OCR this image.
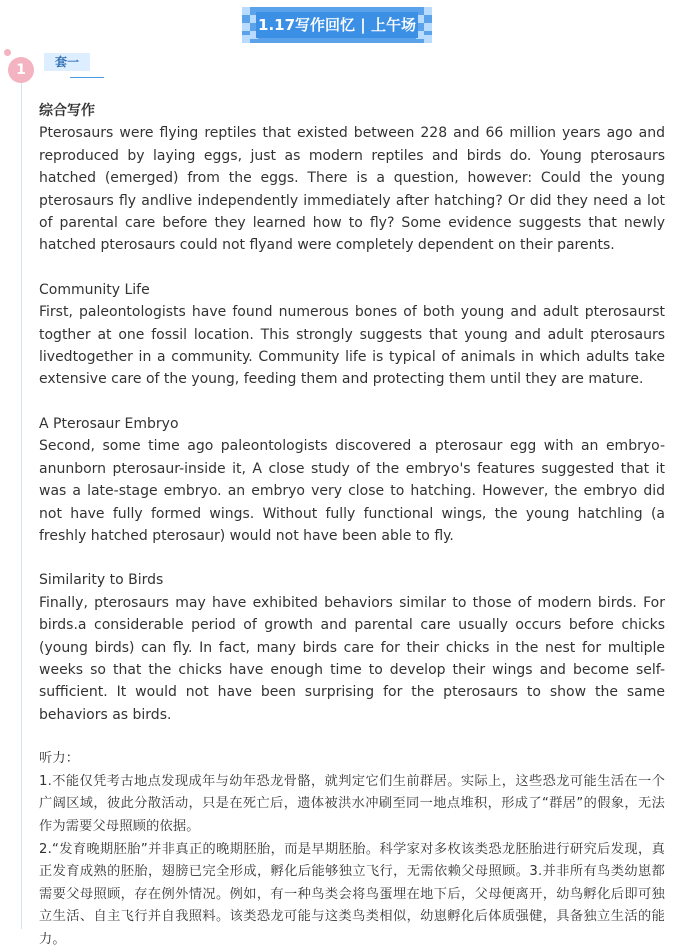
1.17写作回忆 | 上午场
1	套一

综合写作

Pterosaurs were flying reptiles that existed between 228 and 66 million years ago and reproduced by laying eggs, just as modern reptiles and birds do. Young pterosaurs hatched (emerged) from the eggs. There is a question, however: Could the young pterosaurs fly andlive independently immediately after hatching? Or did they need a lot of parental care before they learned how to fly? Some evidence suggests that newly hatched pterosaurs could not flyand were completely dependent on their parents.

Community Life

First, paleontologists have found numerous bones of both young and adult pterosaurst togther at one fossil location. This strongly suggests that young and adult pterosaurs livedtogether in a community. Community life is typical of animals in which adults take extensive care of the young, feeding them and protecting them until they are mature.

A Pterosaur Embryo

Second, some time ago paleontologists discovered a pterosaur egg with an embryo-anunborn pterosaur-inside it, A close study of the embryo's features suggested that it was a late-stage embryo. an embryo very close to hatching. However, the embryo did not have fully formed wings. Without fully functional wings, the young hatchling (a freshly hatched pterosaur) would not have been able to fly.

Similarity to Birds

Finally, pterosaurs may have exhibited behaviors similar to those of modern birds. For birds.a considerable period of growth and parental care usually occurs before chicks (young birds) can fly. In fact, many birds care for their chicks in the nest for multiple weeks so that the chicks have enough time to develop their wings and become self-sufficient. It would not have been surprising for the pterosaurs to show the same behaviors as birds.

听力：

1.不能仅凭考古地点发现成年与幼年恐龙骨骼，就判定它们生前群居。实际上，这些恐龙可能生活在一个广阔区域，彼此分散活动，只是在死亡后，遗体被洪水冲刷至同一地点堆积，形成了“群居”的假象，无法作为需要父母照顾的依据。

2.“发育晚期胚胎”并非真正的晚期胚胎，而是早期胚胎。科学家对多枚该类恐龙胚胎进行研究后发现，真正发育成熟的胚胎，翅膀已完全形成，孵化后能够独立飞行，无需依赖父母照顾。3.并非所有鸟类幼崽都需要父母照顾，存在例外情况。例如，有一种鸟类会将鸟蛋埋在地下后，父母便离开，幼鸟孵化后即可独立生活、自主飞行并自我照料。该类恐龙可能与这类鸟类相似，幼崽孵化后体质强健，具备独立生活的能力。
